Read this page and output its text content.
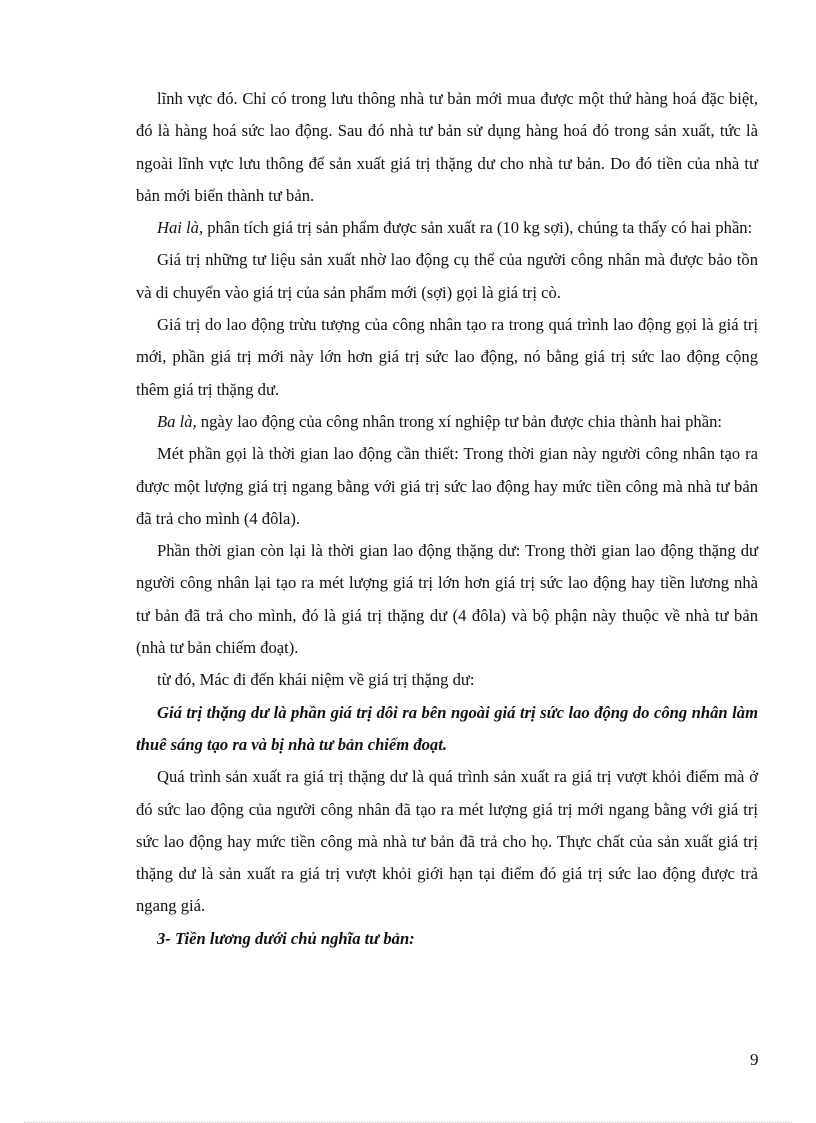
lĩnh vực đó. Chỉ có trong lưu thông nhà tư bản mới mua được một thứ hàng hoá đặc biệt, đó là hàng hoá sức lao động. Sau đó nhà tư bản sử dụng hàng hoá đó trong sản xuất, tức là ngoài lĩnh vực lưu thông để sản xuất giá trị thặng dư cho nhà tư bản. Do đó tiền của nhà tư bản mới biến thành tư bản.

Hai là, phân tích giá trị sản phẩm được sản xuất ra (10 kg sợi), chúng ta thấy có hai phần:

Giá trị những tư liệu sản xuất nhờ lao động cụ thể của người công nhân mà được bảo tồn và di chuyển vào giá trị của sản phẩm mới (sợi) gọi là giá trị cò.

Giá trị do lao động trừu tượng của công nhân tạo ra trong quá trình lao động gọi là giá trị mới, phần giá trị mới này lớn hơn giá trị sức lao động, nó bằng giá trị sức lao động cộng thêm giá trị thặng dư.

Ba là, ngày lao động của công nhân trong xí nghiệp tư bản được chia thành hai phần:

Mét phần gọi là thời gian lao động cần thiết: Trong thời gian này người công nhân tạo ra được một lượng giá trị ngang bằng với giá trị sức lao động hay mức tiền công mà nhà tư bản đã trả cho mình (4 đôla).

Phần thời gian còn lại là thời gian lao động thặng dư: Trong thời gian lao động thặng dư người công nhân lại tạo ra mét lượng giá trị lớn hơn giá trị sức lao động hay tiền lương nhà tư bản đã trả cho mình, đó là giá trị thặng dư (4 đôla) và bộ phận này thuộc về nhà tư bản (nhà tư bản chiếm đoạt).

từ đó, Mác đi đến khái niệm về giá trị thặng dư:

Giá trị thặng dư là phần giá trị dôi ra bên ngoài giá trị sức lao động do công nhân làm thuê sáng tạo ra và bị nhà tư bản chiếm đoạt.

Quá trình sản xuất ra giá trị thặng dư là quá trình sản xuất ra giá trị vượt khỏi điểm mà ở đó sức lao động của người công nhân đã tạo ra mét lượng giá trị mới ngang bằng với giá trị sức lao động hay mức tiền công mà nhà tư bản đã trả cho họ. Thực chất của sản xuất giá trị thặng dư là sản xuất ra giá trị vượt khỏi giới hạn tại điểm đó giá trị sức lao động được trả ngang giá.

3- Tiền lương dưới chủ nghĩa tư bản:

9
